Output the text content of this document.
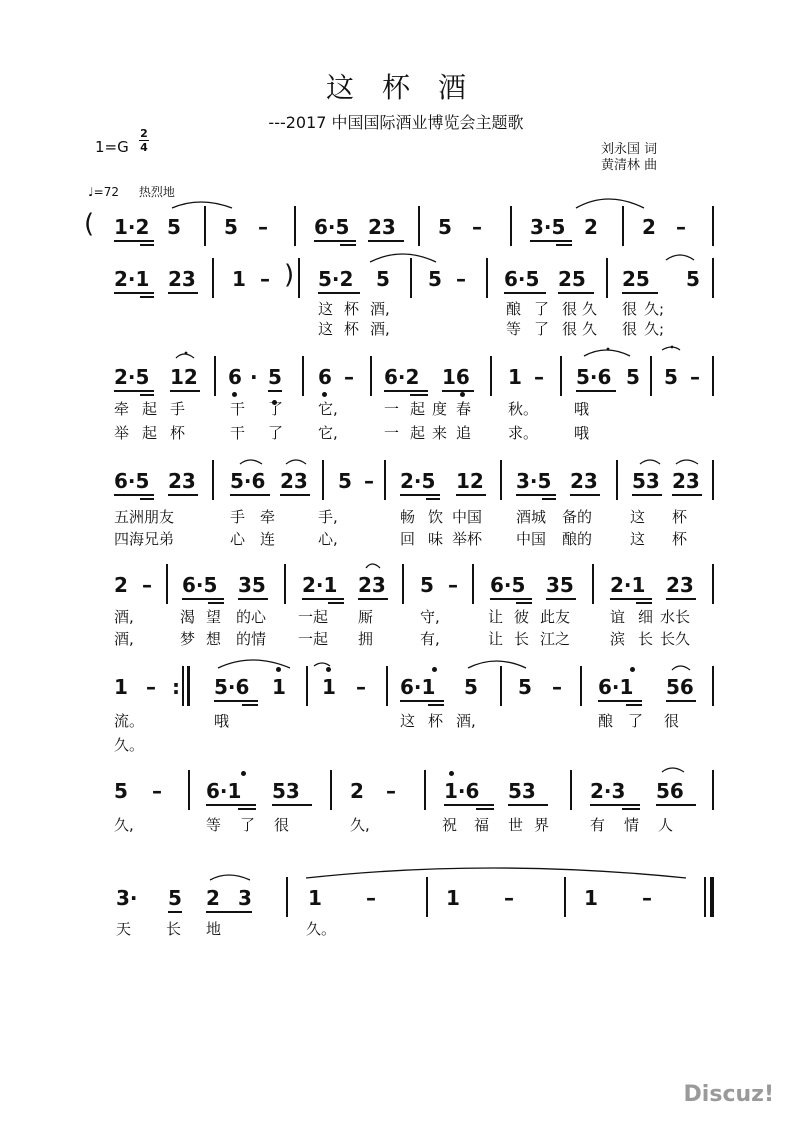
这　杯　酒
---2017 中国国际酒业博览会主题歌
1=G
2
4	刘永国 词
黄清林 曲
♩=72 热烈地
( 1·2 5 5 – 6·5 23 5 – 3·5 2 2 –
2·1 23 1 – ) 5·2 5 5 – 6·5 25 25 5
这 杯 酒,	酿 了 很 久 很 久;
这 杯 酒,	等 了 很 久 很 久;
2·5 12 6 · 5 6 – 6·2 16 1 – 5·6 5 5 –
牵 起 手	干 了 它,	一 起 度 春 秋。 哦
举 起 杯	干 了 它,	一 起 来 追 求。 哦
6·5 23 5·6 23 5 – 2·5 12 3·5 23 53 23
五洲朋友	手 牵	手,	畅 饮 中国 酒城 备的	这 杯
四海兄弟	心 连	心,	回 味 举杯 中国 酿的	这 杯
2 – 6·5 35 2·1 23 5 – 6·5 35 2·1 23
酒,	渴 望 的心 一起 厮	守,	让 彼 此友	谊 细 水长
酒,	梦 想 的情 一起 拥	有,	让 长 江之	滨 长 长久
1 – : 5·6 1 1 – 6·1 5 5 – 6·1 56
流。	哦	这 杯 酒,	酿 了 很
久。
5 – 6·1 53	2 – 1·6 53	2·3 56
久,	等 了 很	久,	祝 福 世 界	有 情 人
3· 5 2 3	1 –	1 –	1 –
天 长 地	久。
Discuz!
